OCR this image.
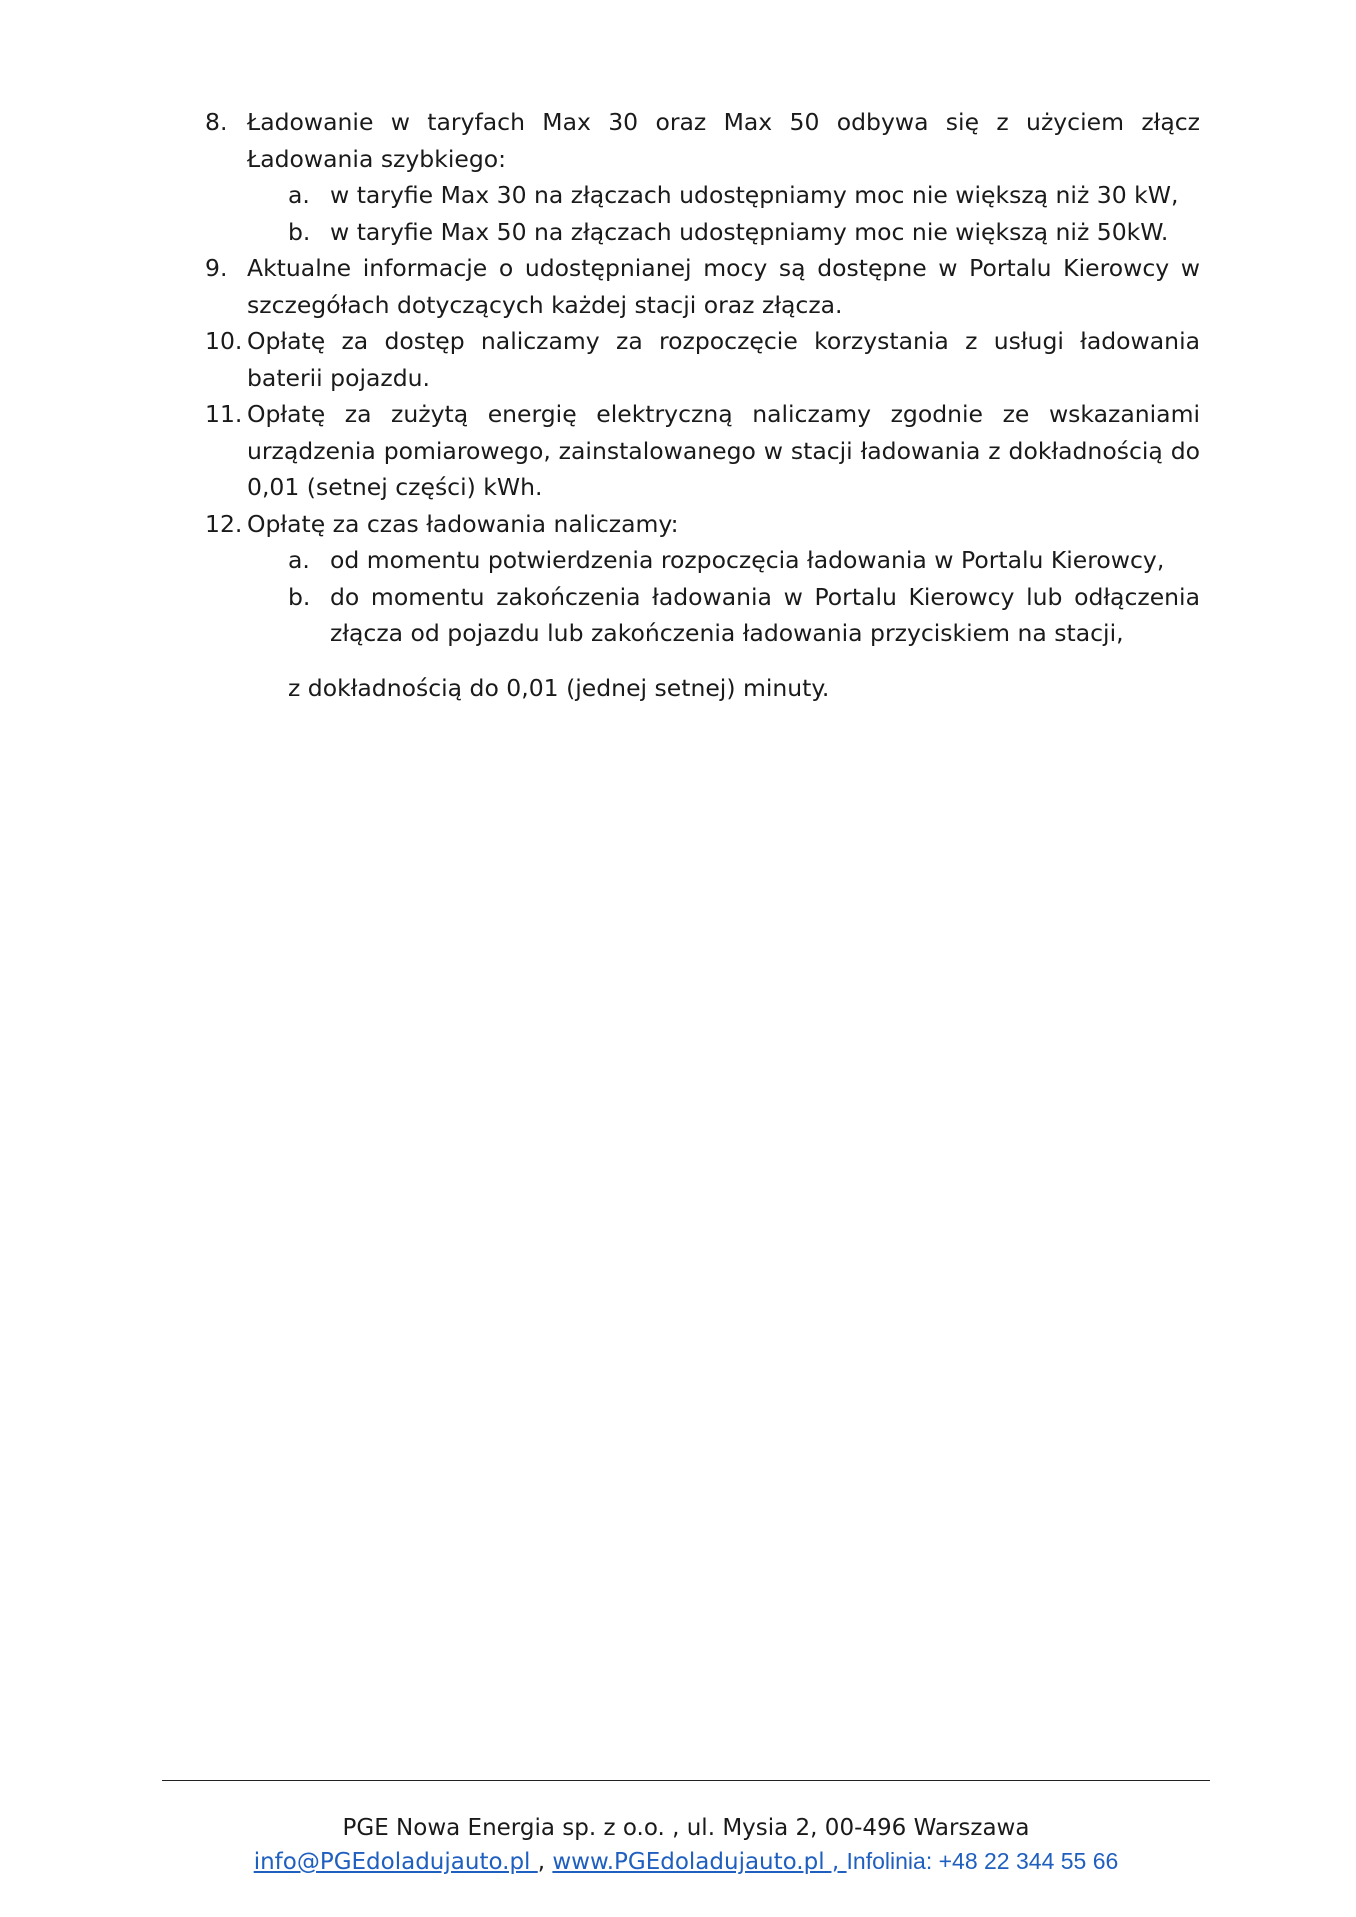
8. Ładowanie w taryfach Max 30 oraz Max 50 odbywa się z użyciem złącz Ładowania szybkiego:
a. w taryfie Max 30 na złączach udostępniamy moc nie większą niż 30 kW,
b. w taryfie Max 50 na złączach udostępniamy moc nie większą niż 50kW.
9. Aktualne informacje o udostępnianej mocy są dostępne w Portalu Kierowcy w szczegółach dotyczących każdej stacji oraz złącza.
10. Opłatę za dostęp naliczamy za rozpoczęcie korzystania z usługi ładowania baterii pojazdu.
11. Opłatę za zużytą energię elektryczną naliczamy zgodnie ze wskazaniami urządzenia pomiarowego, zainstalowanego w stacji ładowania z dokładnością do 0,01 (setnej części) kWh.
12. Opłatę za czas ładowania naliczamy:
a. od momentu potwierdzenia rozpoczęcia ładowania w Portalu Kierowcy,
b. do momentu zakończenia ładowania w Portalu Kierowcy lub odłączenia złącza od pojazdu lub zakończenia ładowania przyciskiem na stacji,
z dokładnością do 0,01 (jednej setnej) minuty.
PGE Nowa Energia sp. z o.o. , ul. Mysia 2, 00-496 Warszawa
info@PGEdoladujauto.pl , www.PGEdoladujauto.pl , Infolinia: +48 22 344 55 66
